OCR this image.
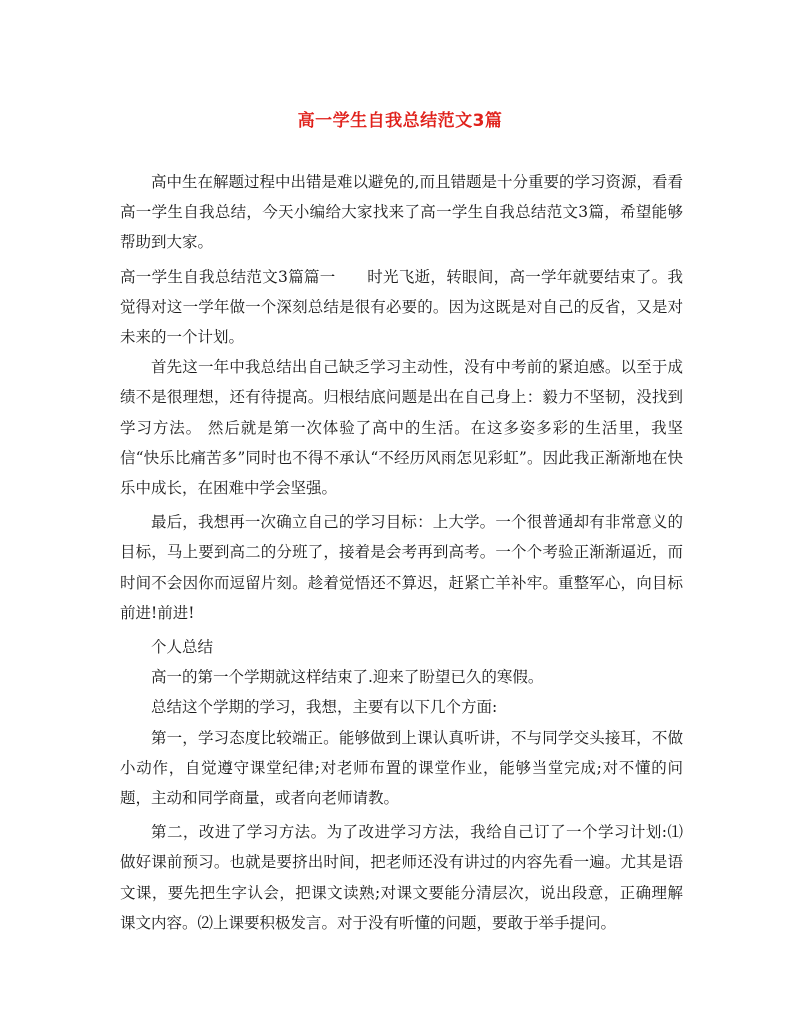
高一学生自我总结范文3篇

高中生在解题过程中出错是难以避免的,而且错题是十分重要的学习资源，看看高一学生自我总结，今天小编给大家找来了高一学生自我总结范文3篇，希望能够帮助到大家。

高一学生自我总结范文3篇篇一　　时光飞逝，转眼间，高一学年就要结束了。我觉得对这一学年做一个深刻总结是很有必要的。因为这既是对自己的反省，又是对未来的一个计划。

首先这一年中我总结出自己缺乏学习主动性，没有中考前的紧迫感。以至于成绩不是很理想，还有待提高。归根结底问题是出在自己身上：毅力不坚韧，没找到学习方法。 然后就是第一次体验了高中的生活。在这多姿多彩的生活里，我坚信“快乐比痛苦多”同时也不得不承认“不经历风雨怎见彩虹”。因此我正渐渐地在快乐中成长，在困难中学会坚强。

最后，我想再一次确立自己的学习目标：上大学。一个很普通却有非常意义的目标，马上要到高二的分班了，接着是会考再到高考。一个个考验正渐渐逼近，而时间不会因你而逗留片刻。趁着觉悟还不算迟，赶紧亡羊补牢。重整军心，向目标前进!前进!

个人总结

高一的第一个学期就这样结束了.迎来了盼望已久的寒假。

总结这个学期的学习，我想，主要有以下几个方面:

第一，学习态度比较端正。能够做到上课认真听讲，不与同学交头接耳，不做小动作，自觉遵守课堂纪律;对老师布置的课堂作业，能够当堂完成;对不懂的问题，主动和同学商量，或者向老师请教。

第二，改进了学习方法。为了改进学习方法，我给自己订了一个学习计划:⑴做好课前预习。也就是要挤出时间，把老师还没有讲过的内容先看一遍。尤其是语文课，要先把生字认会，把课文读熟;对课文要能分清层次，说出段意，正确理解课文内容。⑵上课要积极发言。对于没有听懂的问题，要敢于举手提问。
